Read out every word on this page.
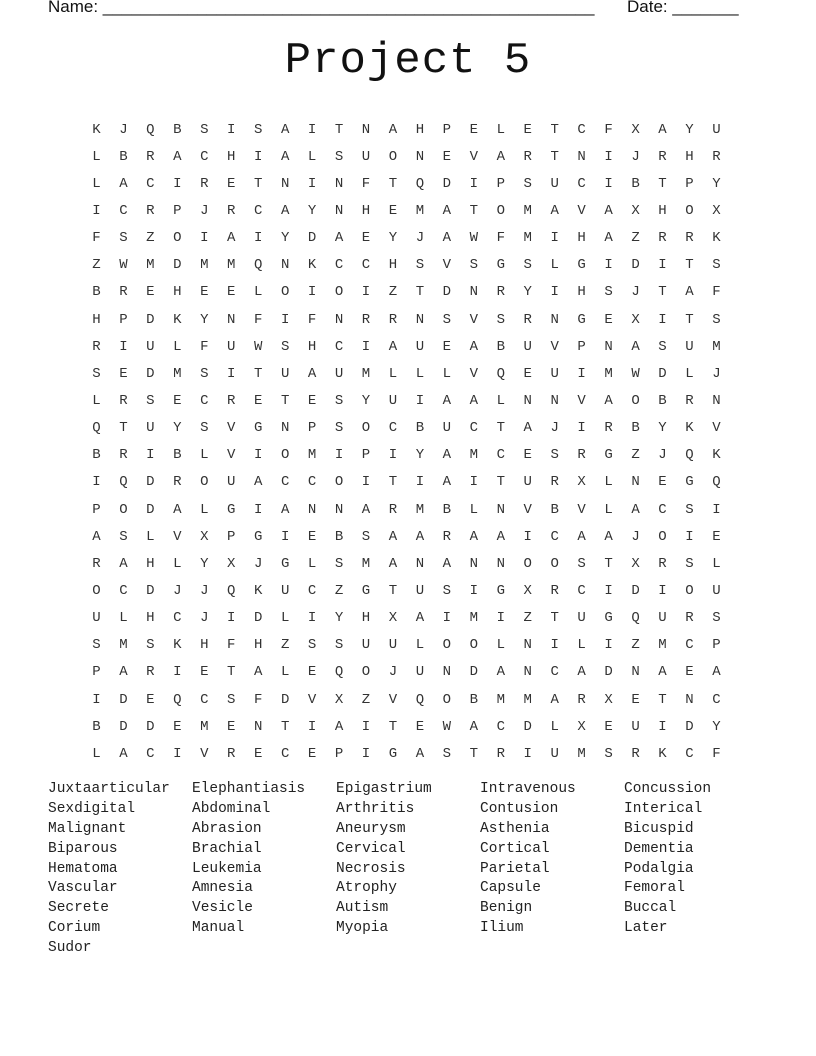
Name: ____________________________________________________ Date: _______
Project 5
K	J	Q	B	S	I	S	A	I	T	N	A	H	P	E	L	E	T	C	F	X	A	Y	U
L	B	R	A	C	H	I	A	L	S	U	O	N	E	V	A	R	T	N	I	J	R	H	R
L	A	C	I	R	E	T	N	I	N	F	T	Q	D	I	P	S	U	C	I	B	T	P	Y
I	C	R	P	J	R	C	A	Y	N	H	E	M	A	T	O	M	A	V	A	X	H	O	X
F	S	Z	O	I	A	I	Y	D	A	E	Y	J	A	W	F	M	I	H	A	Z	R	R	K
Z	W	M	D	M	M	Q	N	K	C	C	H	S	V	S	G	S	L	G	I	D	I	T	S
B	R	E	H	E	E	L	O	I	O	I	Z	T	D	N	R	Y	I	H	S	J	T	A	F
H	P	D	K	Y	N	F	I	F	N	R	R	N	S	V	S	R	N	G	E	X	I	T	S
R	I	U	L	F	U	W	S	H	C	I	A	U	E	A	B	U	V	P	N	A	S	U	M
S	E	D	M	S	I	T	U	A	U	M	L	L	L	V	Q	E	U	I	M	W	D	L	J
L	R	S	E	C	R	E	T	E	S	Y	U	I	A	A	L	N	N	V	A	O	B	R	N
Q	T	U	Y	S	V	G	N	P	S	O	C	B	U	C	T	A	J	I	R	B	Y	K	V
B	R	I	B	L	V	I	O	M	I	P	I	Y	A	M	C	E	S	R	G	Z	J	Q	K
I	Q	D	R	O	U	A	C	C	O	I	T	I	A	I	T	U	R	X	L	N	E	G	Q
P	O	D	A	L	G	I	A	N	N	A	R	M	B	L	N	V	B	V	L	A	C	S	I
A	S	L	V	X	P	G	I	E	B	S	A	A	R	A	A	I	C	A	A	J	O	I	E
R	A	H	L	Y	X	J	G	L	S	M	A	N	A	N	N	O	O	S	T	X	R	S	L
O	C	D	J	J	Q	K	U	C	Z	G	T	U	S	I	G	X	R	C	I	D	I	O	U
U	L	H	C	J	I	D	L	I	Y	H	X	A	I	M	I	Z	T	U	G	Q	U	R	S
S	M	S	K	H	F	H	Z	S	S	U	U	L	O	O	L	N	I	L	I	Z	M	C	P
P	A	R	I	E	T	A	L	E	Q	O	J	U	N	D	A	N	C	A	D	N	A	E	A
I	D	E	Q	C	S	F	D	V	X	Z	V	Q	O	B	M	M	A	R	X	E	T	N	C
B	D	D	E	M	E	N	T	I	A	I	T	E	W	A	C	D	L	X	E	U	I	D	Y
L	A	C	I	V	R	E	C	E	P	I	G	A	S	T	R	I	U	M	S	R	K	C	F
Juxtaarticular	Elephantiasis	Epigastrium	Intravenous	Concussion
Sexdigital	Abdominal	Arthritis	Contusion	Interical
Malignant	Abrasion	Aneurysm	Asthenia	Bicuspid
Biparous	Brachial	Cervical	Cortical	Dementia
Hematoma	Leukemia	Necrosis	Parietal	Podalgia
Vascular	Amnesia	Atrophy	Capsule	Femoral
Secrete	Vesicle	Autism	Benign	Buccal
Corium	Manual	Myopia	Ilium	Later
Sudor
